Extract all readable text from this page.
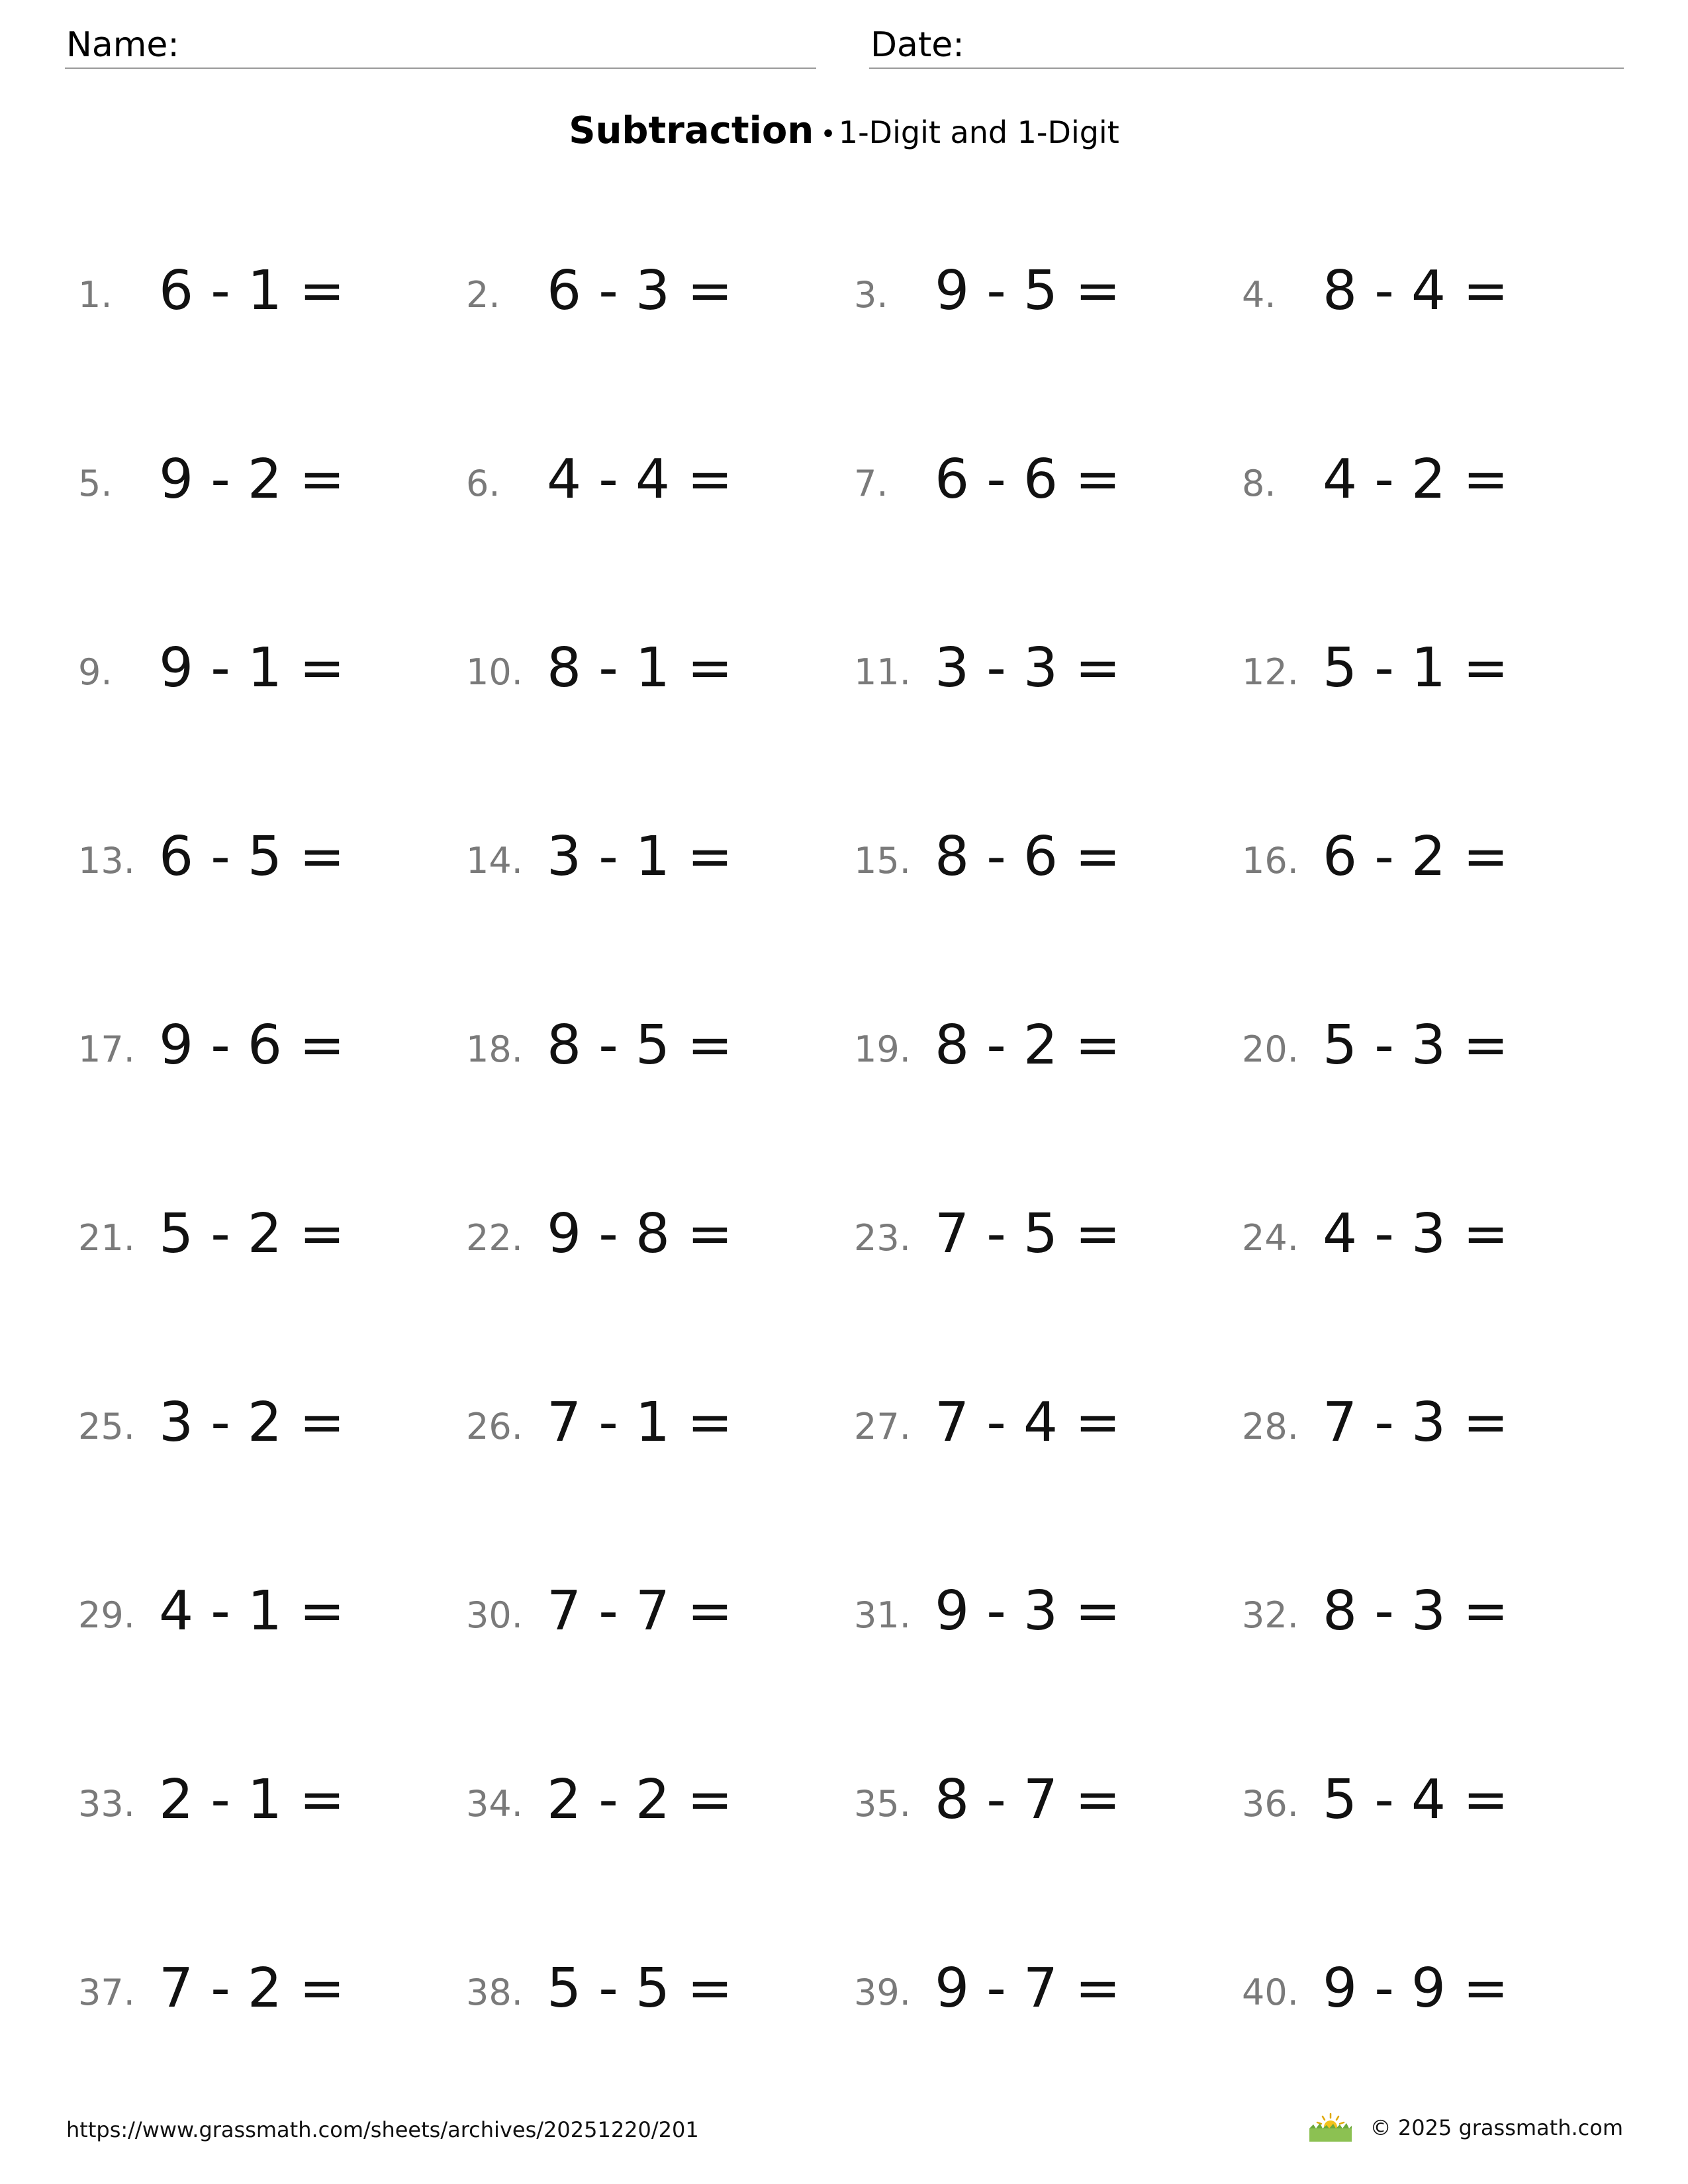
Name:	Date:
Subtraction •1-Digit and 1-Digit
1. 6 - 1 =	2. 6 - 3 =	3. 9 - 5 =	4. 8 - 4 =
5. 9 - 2 =	6. 4 - 4 =	7. 6 - 6 =	8. 4 - 2 =
9. 9 - 1 =	10. 8 - 1 =	11. 3 - 3 =	12. 5 - 1 =
13. 6 - 5 =	14. 3 - 1 =	15. 8 - 6 =	16. 6 - 2 =
17. 9 - 6 =	18. 8 - 5 =	19. 8 - 2 =	20. 5 - 3 =
21. 5 - 2 =	22. 9 - 8 =	23. 7 - 5 =	24. 4 - 3 =
25. 3 - 2 =	26. 7 - 1 =	27. 7 - 4 =	28. 7 - 3 =
29. 4 - 1 =	30. 7 - 7 =	31. 9 - 3 =	32. 8 - 3 =
33. 2 - 1 =	34. 2 - 2 =	35. 8 - 7 =	36. 5 - 4 =
37. 7 - 2 =	38. 5 - 5 =	39. 9 - 7 =	40. 9 - 9 =
https://www.grassmath.com/sheets/archives/20251220/201	© 2025 grassmath.com
